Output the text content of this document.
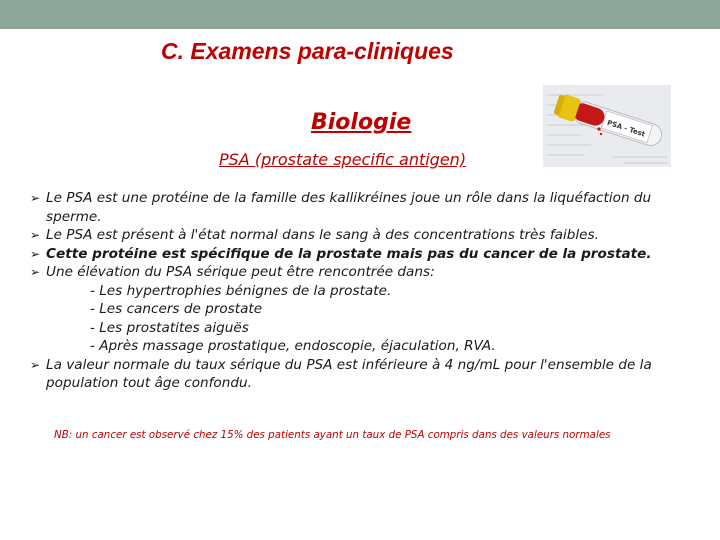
C. Examens para-cliniques
Biologie
PSA (prostate specific antigen)
PSA - Test
➢ Le PSA est une protéine de la famille des kallikréines joue un rôle dans la liquéfaction du sperme.
➢ Le PSA est présent à l'état normal dans le sang à des concentrations très faibles.
➢ Cette protéine est spécifique de la prostate mais pas du cancer de la prostate.
➢ Une élévation du PSA sérique peut être rencontrée dans:
- Les hypertrophies bénignes de la prostate.
- Les cancers de prostate
- Les prostatites aiguës
- Après massage prostatique, endoscopie, éjaculation, RVA.
➢ La valeur normale du taux sérique du PSA est inférieure à 4 ng/mL pour l'ensemble de la population tout âge confondu.
NB: un cancer est observé chez 15% des patients ayant un taux de PSA compris dans des valeurs normales
